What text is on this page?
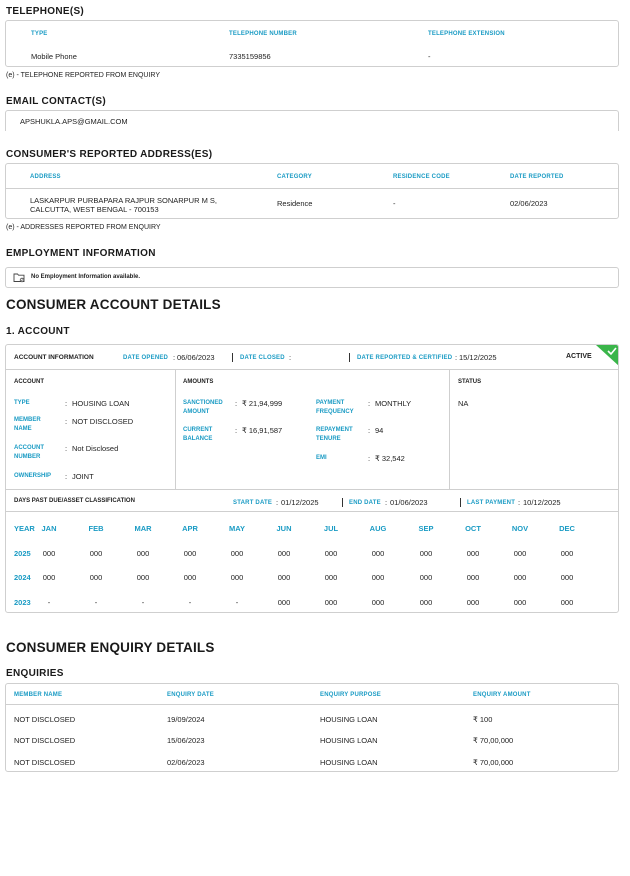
TELEPHONE(S)
TYPE	TELEPHONE NUMBER	TELEPHONE EXTENSION
Mobile Phone	7335159856	-
(e) - TELEPHONE REPORTED FROM ENQUIRY
EMAIL CONTACT(S)
APSHUKLA.APS@GMAIL.COM
CONSUMER'S REPORTED ADDRESS(ES)
ADDRESS	CATEGORY	RESIDENCE CODE	DATE REPORTED
LASKARPUR PURBAPARA RAJPUR SONARPUR M S,
CALCUTTA, WEST BENGAL - 700153
Residence	-	02/06/2023
(e) - ADDRESSES REPORTED FROM ENQUIRY
EMPLOYMENT INFORMATION
No Employment Information available.
CONSUMER ACCOUNT DETAILS
1. ACCOUNT
ACCOUNT INFORMATION	DATE OPENED : 06/06/2023	DATE CLOSED :	DATE REPORTED & CERTIFIED : 15/12/2025	ACTIVE
ACCOUNT
TYPE	: HOUSING LOAN
MEMBER
NAME
: NOT DISCLOSED
ACCOUNT
NUMBER
: Not Disclosed
OWNERSHIP : JOINT
AMOUNTS
SANCTIONED
AMOUNT
: ₹ 21,94,999
CURRENT
BALANCE
: ₹ 16,91,587
PAYMENT
FREQUENCY
: MONTHLY
REPAYMENT
TENURE
: 94
EMI	: ₹ 32,542
STATUS
NA
DAYS PAST DUE/ASSET CLASSIFICATION	START DATE : 01/12/2025	END DATE : 01/06/2023	LAST PAYMENT : 10/12/2025
YEAR JAN	FEB	MAR	APR	MAY	JUN	JUL	AUG	SEP	OCT	NOV	DEC
2025	000	000	000	000	000	000	000	000	000	000	000	000
2024	000	000	000	000	000	000	000	000	000	000	000	000
2023	-	-	-	-	-	000	000	000	000	000	000	000
CONSUMER ENQUIRY DETAILS
ENQUIRIES
MEMBER NAME	ENQUIRY DATE	ENQUIRY PURPOSE	ENQUIRY AMOUNT
NOT DISCLOSED	19/09/2024	HOUSING LOAN	₹ 100
NOT DISCLOSED	15/06/2023	HOUSING LOAN	₹ 70,00,000
NOT DISCLOSED	02/06/2023	HOUSING LOAN	₹ 70,00,000
